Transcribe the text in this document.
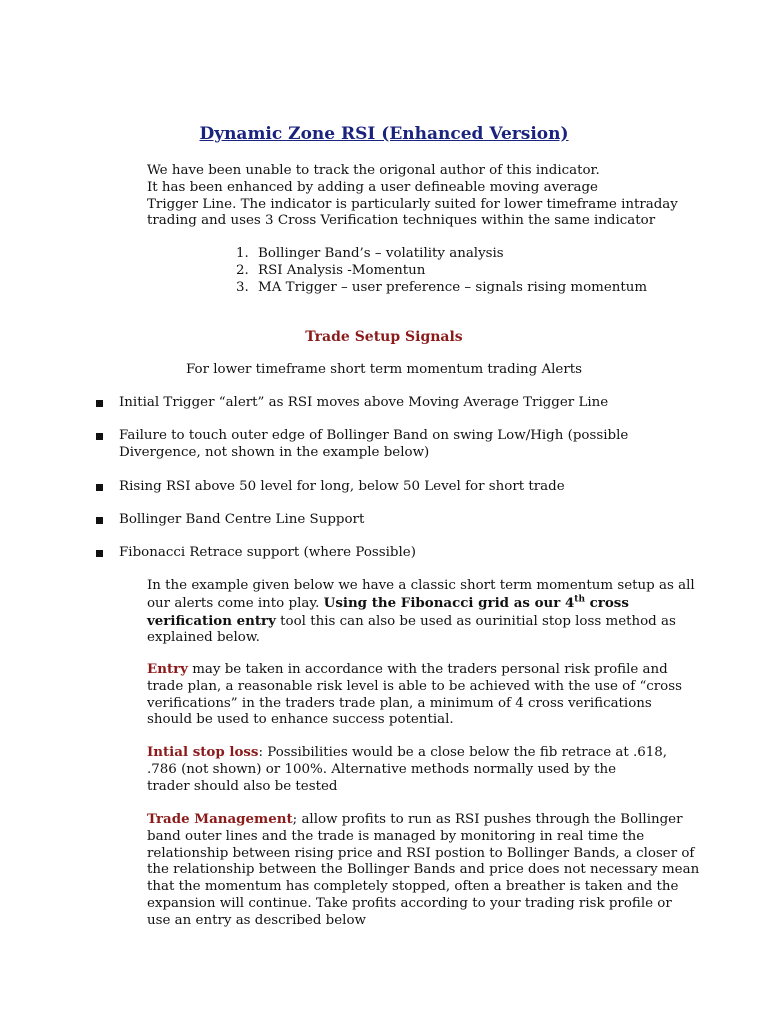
Dynamic Zone RSI (Enhanced Version)
We have been unable to track the origonal author of this indicator.
It has been enhanced by adding a user defineable moving average
Trigger Line. The indicator is particularly suited for lower timeframe intraday
trading and uses 3 Cross Verification techniques within the same indicator
1. Bollinger Band’s – volatility analysis
2. RSI Analysis -Momentun
3. MA Trigger – user preference – signals rising momentum
Trade Setup Signals
For lower timeframe short term momentum trading Alerts
Initial Trigger “alert” as RSI moves above Moving Average Trigger Line
Failure to touch outer edge of Bollinger Band on swing Low/High (possible
Divergence, not shown in the example below)
Rising RSI above 50 level for long, below 50 Level for short trade
Bollinger Band Centre Line Support
Fibonacci Retrace support (where Possible)
In the example given below we have a classic short term momentum setup as all
our alerts come into play. Using the Fibonacci grid as our 4th cross
verification entry tool this can also be used as ourinitial stop loss method as
explained below.
Entry may be taken in accordance with the traders personal risk profile and
trade plan, a reasonable risk level is able to be achieved with the use of “cross
verifications” in the traders trade plan, a minimum of 4 cross verifications
should be used to enhance success potential.
Intial stop loss: Possibilities would be a close below the fib retrace at .618,
.786 (not shown) or 100%. Alternative methods normally used by the
trader should also be tested
Trade Management; allow profits to run as RSI pushes through the Bollinger
band outer lines and the trade is managed by monitoring in real time the
relationship between rising price and RSI postion to Bollinger Bands, a closer of
the relationship between the Bollinger Bands and price does not necessary mean
that the momentum has completely stopped, often a breather is taken and the
expansion will continue. Take profits according to your trading risk profile or
use an entry as described below
